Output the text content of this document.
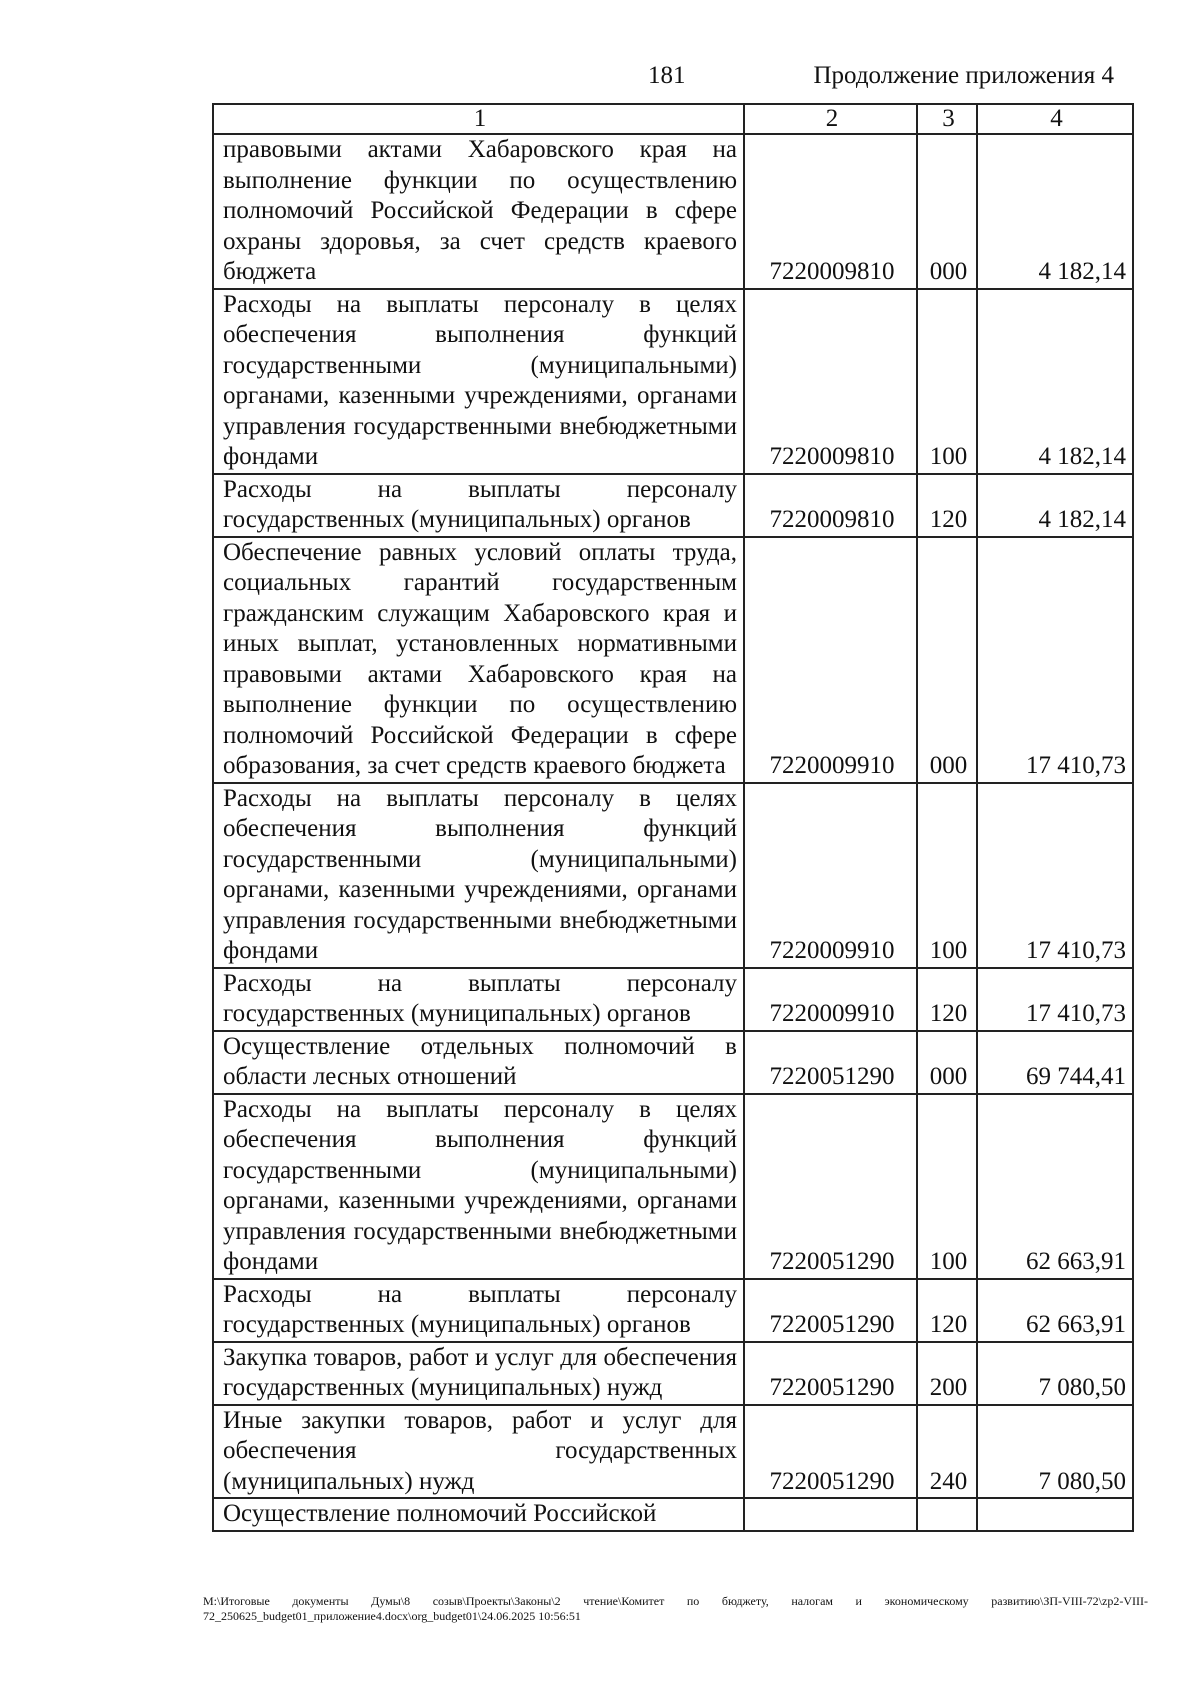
181	Продолжение приложения 4
1	2	3	4
правовыми актами Хабаровского края на выполнение функции по осуществлению полномочий Российской Федерации в сфере охраны здоровья, за счет средств краевого бюджета	7220009810	000	4 182,14
Расходы на выплаты персоналу в целях обеспечения выполнения функций государственными (муниципальными) органами, казенными учреждениями, органами управления государственными внебюджетными фондами	7220009810	100	4 182,14
Расходы на выплаты персоналу государственных (муниципальных) органов	7220009810	120	4 182,14
Обеспечение равных условий оплаты труда, социальных гарантий государственным гражданским служащим Хабаровского края и иных выплат, установленных нормативными правовыми актами Хабаровского края на выполнение функции по осуществлению полномочий Российской Федерации в сфере образования, за счет средств краевого бюджета	7220009910	000	17 410,73
Расходы на выплаты персоналу в целях обеспечения выполнения функций государственными (муниципальными) органами, казенными учреждениями, органами управления государственными внебюджетными фондами	7220009910	100	17 410,73
Расходы на выплаты персоналу государственных (муниципальных) органов	7220009910	120	17 410,73
Осуществление отдельных полномочий в области лесных отношений	7220051290	000	69 744,41
Расходы на выплаты персоналу в целях обеспечения выполнения функций государственными (муниципальными) органами, казенными учреждениями, органами управления государственными внебюджетными фондами	7220051290	100	62 663,91
Расходы на выплаты персоналу государственных (муниципальных) органов	7220051290	120	62 663,91
Закупка товаров, работ и услуг для обеспечения государственных (муниципальных) нужд	7220051290	200	7 080,50
Иные закупки товаров, работ и услуг для обеспечения государственных (муниципальных) нужд	7220051290	240	7 080,50
Осуществление полномочий Российской			
M:\Итоговые документы Думы\8 созыв\Проекты\Законы\2 чтение\Комитет по бюджету, налогам и экономическому развитию\ЗП-VIII-72\zp2-VIII-72_250625_budget01_приложение4.docx\org_budget01\24.06.2025 10:56:51
